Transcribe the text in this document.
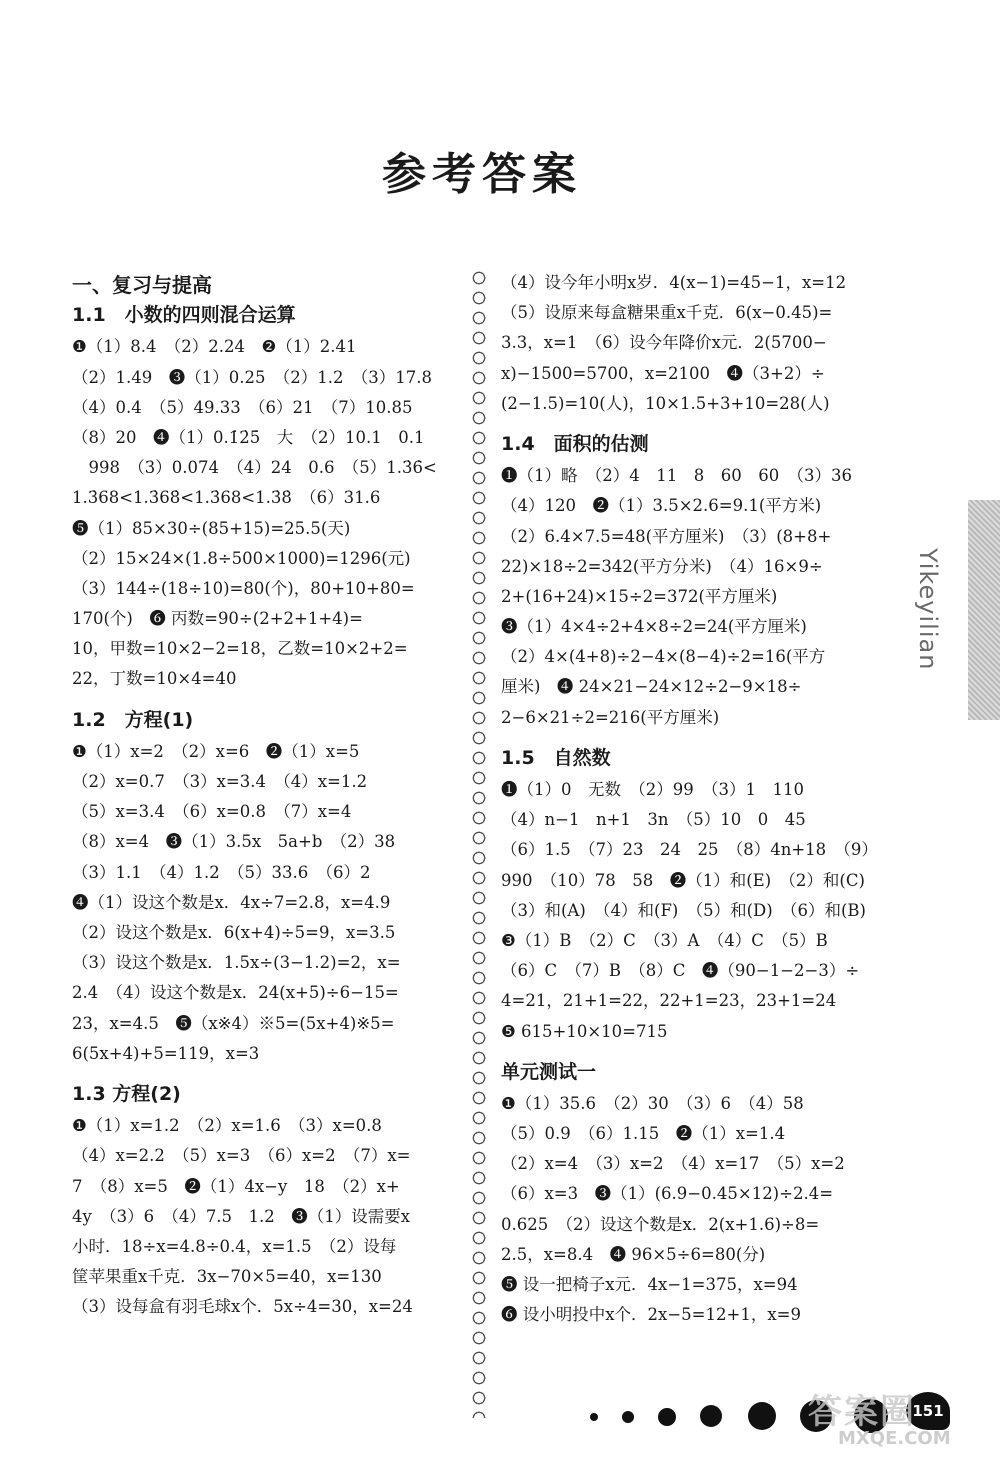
参考答案
一、复习与提高
1.1　小数的四则混合运算
❶（1）8.4　（2）2.24　❷（1）2.41
（2）1.49　❸（1）0.25　（2）1.2　（3）17.8
（4）0.4　（5）49.33　（6）21　（7）10.85
（8）20　❹（1）0.1̇2̇5̇　大　（2）10.1　0.1
　998　（3）0.074　（4）24　0.6　（5）1.3̇6̇<
1.3̇68<1.3̇68̇<1.3̇68<1.3̇8̇　（6）31.6
❺（1）85×30÷(85+15)=25.5(天)
（2）15×24×(1.8÷500×1000)=1296(元)
（3）144÷(18÷10)=80(个)，80+10+80=
170(个)　❻ 丙数=90÷(2+2+1+4)=
10，甲数=10×2−2=18，乙数=10×2+2=
22，丁数=10×4=40
1.2　方程(1)
❶（1）x=2　（2）x=6　❷（1）x=5
（2）x=0.7　（3）x=3.4　（4）x=1.2
（5）x=3.4　（6）x=0.8　（7）x=4
（8）x=4　❸（1）3.5x　5a+b　（2）38
（3）1.1　（4）1.2　（5）33.6　（6）2
❹（1）设这个数是x．4x÷7=2.8，x=4.9
（2）设这个数是x．6(x+4)÷5=9，x=3.5
（3）设这个数是x．1.5x÷(3−1.2)=2，x=
2.4　（4）设这个数是x．24(x+5)÷6−15=
23，x=4.5　❺（x※4）※5=(5x+4)※5=
6(5x+4)+5=119，x=3
1.3 方程(2)
❶（1）x=1.2　（2）x=1.6　（3）x=0.8
（4）x=2.2　（5）x=3　（6）x=2　（7）x=
7　（8）x=5　❷（1）4x−y　18　（2）x+
4y　（3）6　（4）7.5　1.2　❸（1）设需要x
小时．18÷x=4.8÷0.4，x=1.5　（2）设每
筐苹果重x千克．3x−70×5=40，x=130
（3）设每盒有羽毛球x个．5x÷4=30，x=24
（4）设今年小明x岁．4(x−1)=45−1，x=12
（5）设原来每盒糖果重x千克．6(x−0.45)=
3.3，x=1　（6）设今年降价x元．2(5700−
x)−1500=5700，x=2100　❹（3+2）÷
(2−1.5)=10(人)，10×1.5+3+10=28(人)
1.4　面积的估测
❶（1）略　（2）4　11　8　60　60　（3）36
（4）120　❷（1）3.5×2.6=9.1(平方米)
（2）6.4×7.5=48(平方厘米)　（3）(8+8+
22)×18÷2=342(平方分米)　（4）16×9÷
2+(16+24)×15÷2=372(平方厘米)
❸（1）4×4÷2+4×8÷2=24(平方厘米)
（2）4×(4+8)÷2−4×(8−4)÷2=16(平方
厘米)　❹ 24×21−24×12÷2−9×18÷
2−6×21÷2=216(平方厘米)
1.5　自然数
❶（1）0　无数　（2）99　（3）1　110
（4）n−1　n+1　3n　（5）10　0　45
（6）1.5　（7）23　24　25　（8）4n+18　（9）
990　（10）78　58　❷（1）和(E)　（2）和(C)
（3）和(A)　（4）和(F)　（5）和(D)　（6）和(B)
❸（1）B　（2）C　（3）A　（4）C　（5）B
（6）C　（7）B　（8）C　❹（90−1−2−3）÷
4=21，21+1=22，22+1=23，23+1=24
❺ 615+10×10=715
单元测试一
❶（1）35.6　（2）30　（3）6　（4）58
（5）0.9　（6）1.15　❷（1）x=1.4
（2）x=4　（3）x=2　（4）x=17　（5）x=2
（6）x=3　❸（1）(6.9−0.45×12)÷2.4=
0.625　（2）设这个数是x．2(x+1.6)÷8=
2.5，x=8.4　❹ 96×5÷6=80(分)
❺ 设一把椅子x元．4x−1=375，x=94
❻ 设小明投中x个．2x−5=12+1，x=9
Yikeyilian
151
答案圈
MXQE.COM
